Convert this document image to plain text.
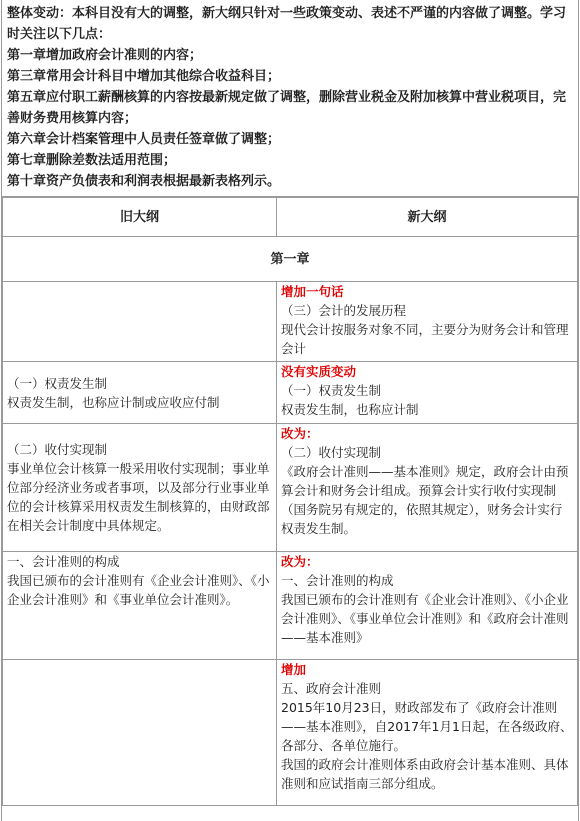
整体变动：本科目没有大的调整，新大纲只针对一些政策变动、表述不严谨的内容做了调整。学习时关注以下几点：
第一章增加政府会计准则的内容；
第三章常用会计科目中增加其他综合收益科目；
第五章应付职工薪酬核算的内容按最新规定做了调整，删除营业税金及附加核算中营业税项目，完善财务费用核算内容；
第六章会计档案管理中人员责任签章做了调整；
第七章删除差数法适用范围；
第十章资产负债表和利润表根据最新表格列示。
旧大纲	新大纲
第一章	

	增加一句话
（三）会计的发展历程
现代会计按服务对象不同，主要分为财务会计和管理会计

（一）权责发生制
权责发生制，也称应计制或应收应付制	没有实质变动
（一）权责发生制
权责发生制，也称应计制

（二）收付实现制
事业单位会计核算一般采用收付实现制；事业单位部分经济业务或者事项，以及部分行业事业单位的会计核算采用权责发生制核算的，由财政部在相关会计制度中具体规定。	改为：
（二）收付实现制
《政府会计准则——基本准则》规定，政府会计由预算会计和财务会计组成。预算会计实行收付实现制（国务院另有规定的，依照其规定），财务会计实行权责发生制。

一、会计准则的构成
我国已颁布的会计准则有《企业会计准则》、《小企业会计准则》和《事业单位会计准则》。	改为：
一、会计准则的构成
我国已颁布的会计准则有《企业会计准则》、《小企业会计准则》、《事业单位会计准则》和《政府会计准则——基本准则》

	增加
五、政府会计准则
2015年10月23日，财政部发布了《政府会计准则——基本准则》，自2017年1月1日起，在各级政府、各部分、各单位施行。
我国的政府会计准则体系由政府会计基本准则、具体准则和应试指南三部分组成。
